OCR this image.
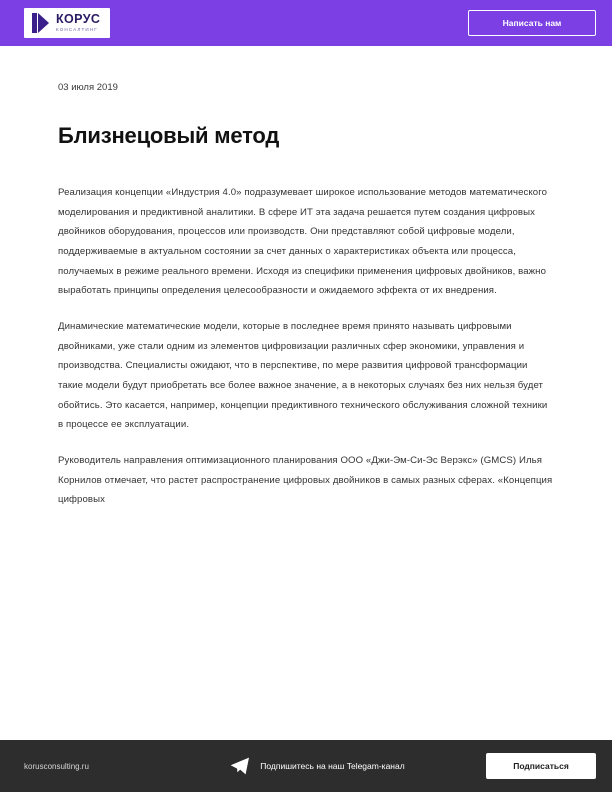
КОРУС
КОНСАЛТИНГ
Написать нам
03 июля 2019
Близнецовый метод

Реализация концепции «Индустрия 4.0» подразумевает широкое использование методов математического моделирования и предиктивной аналитики. В сфере ИТ эта задача решается путем создания цифровых двойников оборудования, процессов или производств. Они представляют собой цифровые модели, поддерживаемые в актуальном состоянии за счет данных о характеристиках объекта или процесса, получаемых в режиме реального времени. Исходя из специфики применения цифровых двойников, важно выработать принципы определения целесообразности и ожидаемого эффекта от их внедрения.

Динамические математические модели, которые в последнее время принято называть цифровыми двойниками, уже стали одним из элементов цифровизации различных сфер экономики, управления и производства. Специалисты ожидают, что в перспективе, по мере развития цифровой трансформации такие модели будут приобретать все более важное значение, а в некоторых случаях без них нельзя будет обойтись. Это касается, например, концепции предиктивного технического обслуживания сложной техники в процессе ее эксплуатации.

Руководитель направления оптимизационного планирования ООО «Джи-Эм-Си-Эс Верэкс» (GMCS) Илья Корнилов отмечает, что растет распространение цифровых двойников в самых разных сферах. «Концепция цифровых

korusconsulting.ru	Подпишитесь на наш Telegam-канал	Подписаться
